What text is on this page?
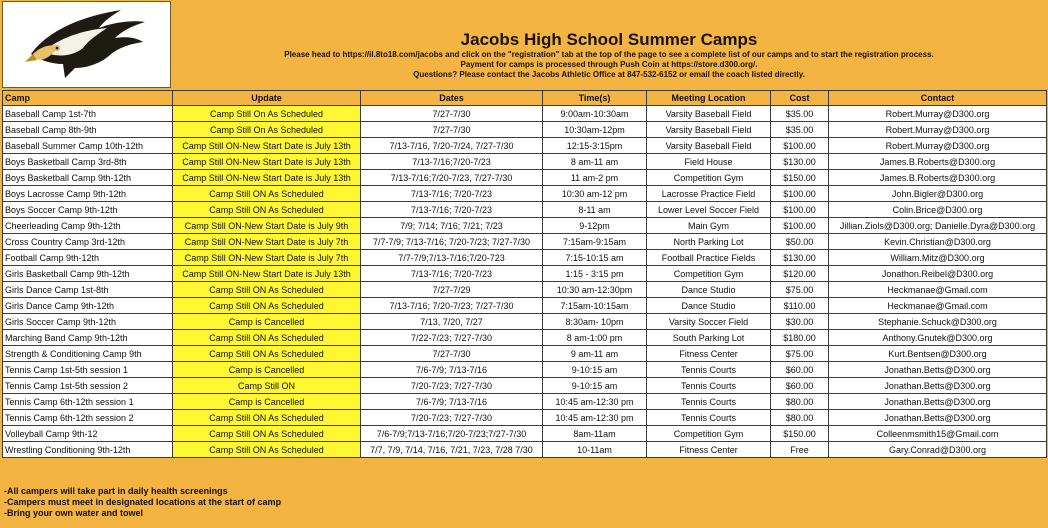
Jacobs High School Summer Camps
Please head to https://il.8to18.com/jacobs and click on the "registration" tab at the top of the page to see a complete list of our camps and to start the registration process.
Payment for camps is processed through Push Coin at https://store.d300.org/.
Questions? Please contact the Jacobs Athletic Office at 847-532-6152 or email the coach listed directly.
Camp	Update	Dates	Time(s)	Meeting Location	Cost	Contact
Baseball Camp 1st-7th	Camp Still On As Scheduled	7/27-7/30	9:00am-10:30am	Varsity Baseball Field	$35.00	Robert.Murray@D300.org
Baseball Camp 8th-9th	Camp Still On As Scheduled	7/27-7/30	10:30am-12pm	Varsity Baseball Field	$35.00	Robert.Murray@D300.org
Baseball Summer Camp 10th-12th	Camp Still ON-New Start Date is July 13th	7/13-7/16, 7/20-7/24, 7/27-7/30	12:15-3:15pm	Varsity Baseball Field	$100.00	Robert.Murray@D300.org
Boys Basketball Camp 3rd-8th	Camp Still ON-New Start Date is July 13th	7/13-7/16;7/20-7/23	8 am-11 am	Field House	$130.00	James.B.Roberts@D300.org
Boys Basketball Camp 9th-12th	Camp Still ON-New Start Date is July 13th	7/13-7/16;7/20-7/23, 7/27-7/30	11 am-2 pm	Competition Gym	$150.00	James.B.Roberts@D300.org
Boys Lacrosse Camp 9th-12th	Camp Still ON As Scheduled	7/13-7/16; 7/20-7/23	10:30 am-12 pm	Lacrosse Practice Field	$100.00	John.Bigler@D300.org
Boys Soccer Camp 9th-12th	Camp Still ON As Scheduled	7/13-7/16; 7/20-7/23	8-11 am	Lower Level Soccer Field	$100.00	Colin.Brice@D300.org
Cheerleading Camp 9th-12th	Camp Still ON-New Start Date is July 9th	7/9; 7/14; 7/16; 7/21; 7/23	9-12pm	Main Gym	$100.00	Jillian.Ziols@D300.org; Danielle.Dyra@D300.org
Cross Country Camp 3rd-12th	Camp Still ON-New Start Date is July 7th	7/7-7/9; 7/13-7/16; 7/20-7/23; 7/27-7/30	7:15am-9:15am	North Parking Lot	$50.00	Kevin.Christian@D300.org
Football Camp 9th-12th	Camp Still ON-New Start Date is July 7th	7/7-7/9;7/13-7/16;7/20-723	7:15-10:15 am	Football Practice Fields	$130.00	William.Mitz@D300.org
Girls Basketball Camp 9th-12th	Camp Still ON-New Start Date is July 13th	7/13-7/16; 7/20-7/23	1:15 - 3:15 pm	Competition Gym	$120.00	Jonathon.Reibel@D300.org
Girls Dance Camp 1st-8th	Camp Still ON As Scheduled	7/27-7/29	10:30 am-12:30pm	Dance Studio	$75.00	Heckmanae@Gmail.com
Girls Dance Camp 9th-12th	Camp Still ON As Scheduled	7/13-7/16; 7/20-7/23; 7/27-7/30	7:15am-10:15am	Dance Studio	$110.00	Heckmanae@Gmail.com
Girls Soccer Camp 9th-12th	Camp is Cancelled	7/13, 7/20, 7/27	8:30am- 10pm	Varsity Soccer Field	$30.00	Stephanie.Schuck@D300.org
Marching Band Camp 9th-12th	Camp Still ON As Scheduled	7/22-7/23; 7/27-7/30	8 am-1:00 pm	South Parking Lot	$180.00	Anthony.Gnutek@D300.org
Strength & Conditioning Camp 9th	Camp Still ON As Scheduled	7/27-7/30	9 am-11 am	Fitness Center	$75.00	Kurt.Bentsen@D300.org
Tennis Camp 1st-5th session 1	Camp is Cancelled	7/6-7/9; 7/13-7/16	9-10:15 am	Tennis Courts	$60.00	Jonathan.Betts@D300.org
Tennis Camp 1st-5th session 2	Camp Still ON	7/20-7/23; 7/27-7/30	9-10:15 am	Tennis Courts	$60.00	Jonathan.Betts@D300.org
Tennis Camp 6th-12th session 1	Camp is Cancelled	7/6-7/9; 7/13-7/16	10:45 am-12:30 pm	Tennis Courts	$80.00	Jonathan.Betts@D300.org
Tennis Camp 6th-12th session 2	Camp Still ON As Scheduled	7/20-7/23; 7/27-7/30	10:45 am-12:30 pm	Tennis Courts	$80.00	Jonathan.Betts@D300.org
Volleyball Camp 9th-12	Camp Still ON As Scheduled	7/6-7/9;7/13-7/16;7/20-7/23;7/27-7/30	8am-11am	Competition Gym	$150.00	Colleenmsmith15@Gmail.com
Wrestling Conditioning 9th-12th	Camp Still ON As Scheduled	7/7, 7/9, 7/14, 7/16, 7/21, 7/23, 7/28 7/30	10-11am	Fitness Center	Free	Gary.Conrad@D300.org
-All campers will take part in daily health screenings
-Campers must meet in designated locations at the start of camp
-Bring your own water and towel
